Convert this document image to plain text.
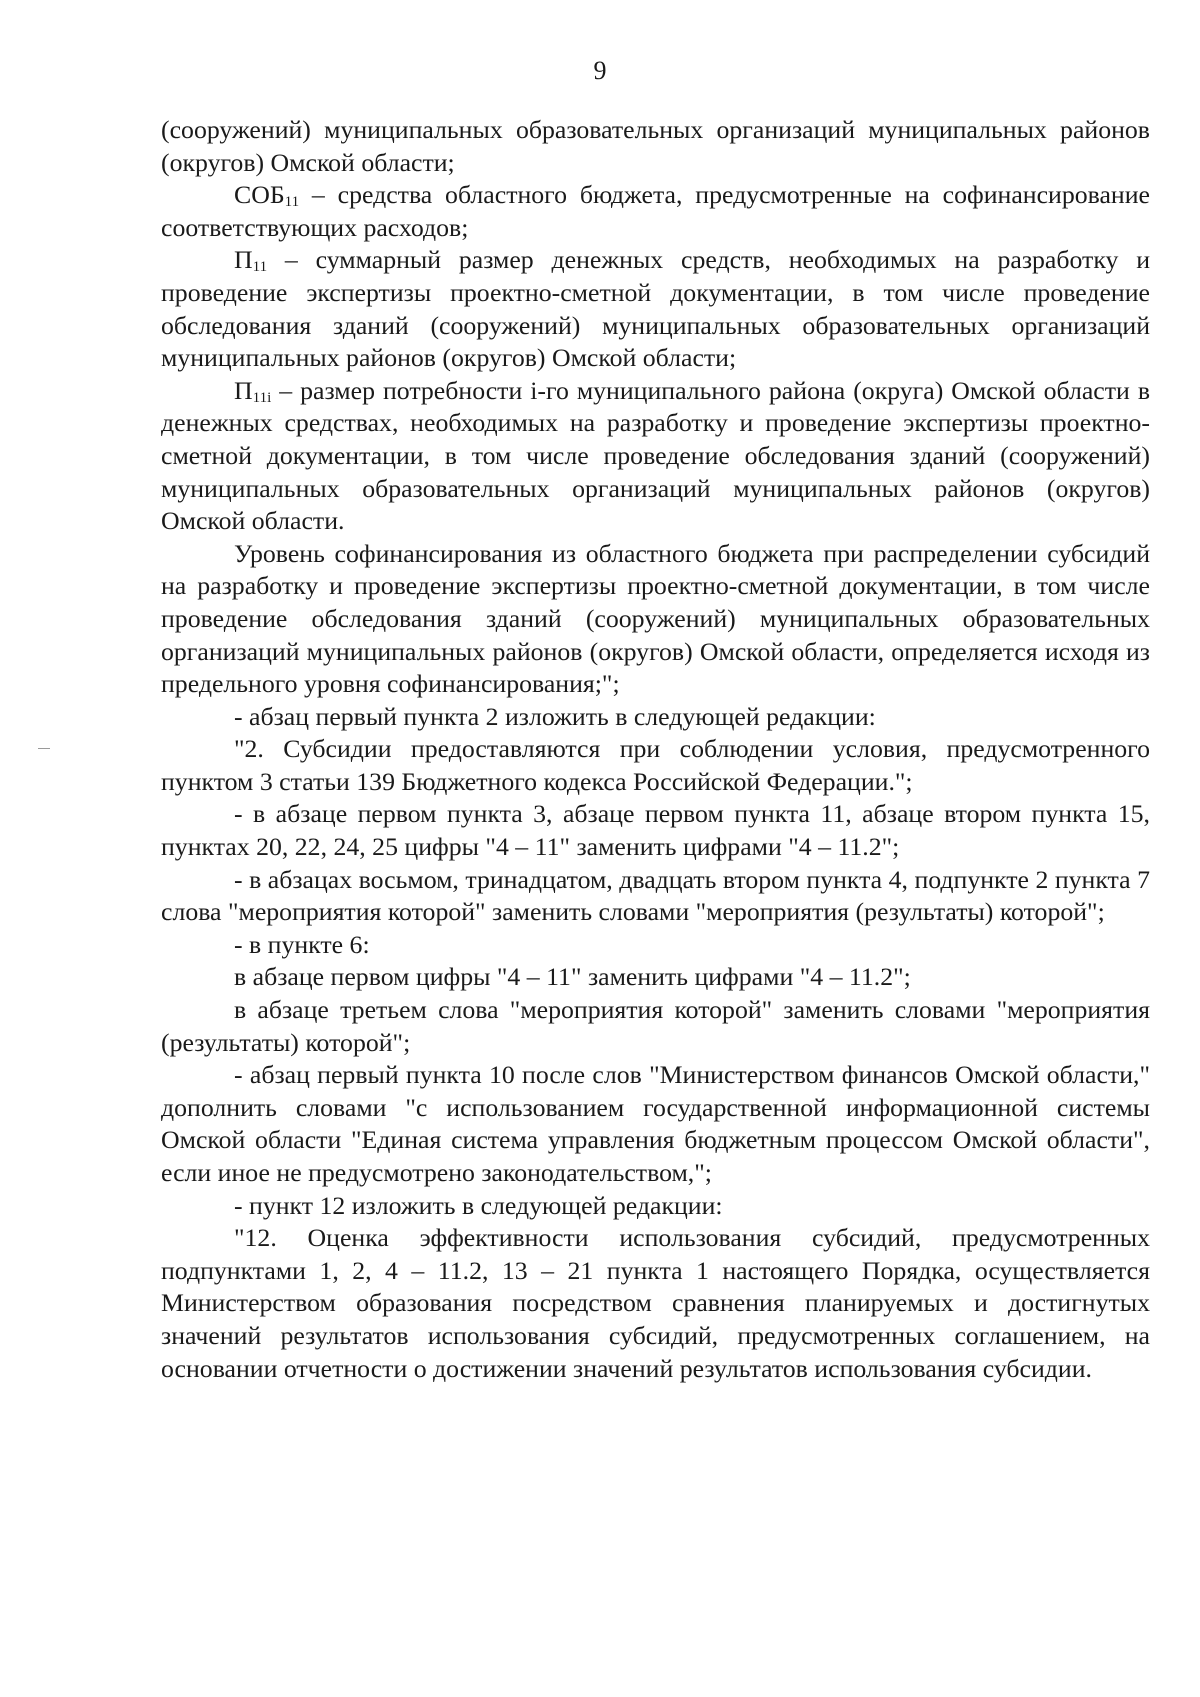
9

(сооружений) муниципальных образовательных организаций муниципальных районов (округов) Омской области;

$СОБ_{11}$ – средства областного бюджета, предусмотренные на софинансирование соответствующих расходов;

$П_{11}$ – суммарный размер денежных средств, необходимых на разработку и проведение экспертизы проектно-сметной документации, в том числе проведение обследования зданий (сооружений) муниципальных образовательных организаций муниципальных районов (округов) Омской области;

$П_{11i}$ – размер потребности i-го муниципального района (округа) Омской области в денежных средствах, необходимых на разработку и проведение экспертизы проектно-сметной документации, в том числе проведение обследования зданий (сооружений) муниципальных образовательных организаций муниципальных районов (округов) Омской области.

Уровень софинансирования из областного бюджета при распределении субсидий на разработку и проведение экспертизы проектно-сметной документации, в том числе проведение обследования зданий (сооружений) муниципальных образовательных организаций муниципальных районов (округов) Омской области, определяется исходя из предельного уровня софинансирования;";

- абзац первый пункта 2 изложить в следующей редакции:

"2. Субсидии предоставляются при соблюдении условия, предусмотренного пунктом 3 статьи 139 Бюджетного кодекса Российской Федерации.";

- в абзаце первом пункта 3, абзаце первом пункта 11, абзаце втором пункта 15, пунктах 20, 22, 24, 25 цифры "4 – 11" заменить цифрами "4 – 11.2";

- в абзацах восьмом, тринадцатом, двадцать втором пункта 4, подпункте 2 пункта 7 слова "мероприятия которой" заменить словами "мероприятия (результаты) которой";

- в пункте 6:

в абзаце первом цифры "4 – 11" заменить цифрами "4 – 11.2";

в абзаце третьем слова "мероприятия которой" заменить словами "мероприятия (результаты) которой";

- абзац первый пункта 10 после слов "Министерством финансов Омской области," дополнить словами "с использованием государственной информационной системы Омской области "Единая система управления бюджетным процессом Омской области", если иное не предусмотрено законодательством,";

- пункт 12 изложить в следующей редакции:

"12. Оценка эффективности использования субсидий, предусмотренных подпунктами 1, 2, 4 – 11.2, 13 – 21 пункта 1 настоящего Порядка, осуществляется Министерством образования посредством сравнения планируемых и достигнутых значений результатов использования субсидий, предусмотренных соглашением, на основании отчетности о достижении значений результатов использования субсидии.
